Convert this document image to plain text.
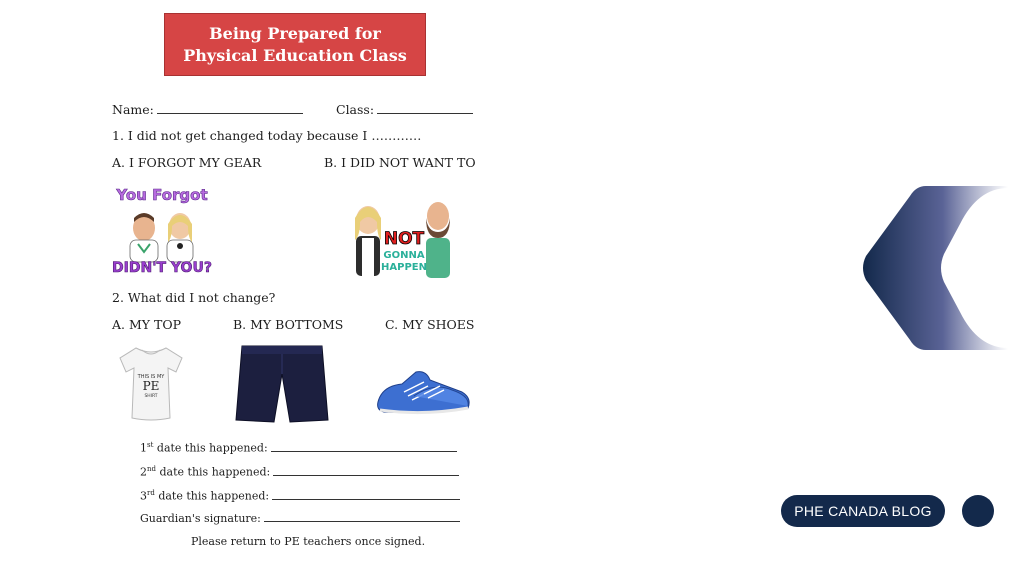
Being Prepared for Physical Education Class
Name:	Class:
1. I did not get changed today because I …………
A. I FORGOT MY GEAR	B. I DID NOT WANT TO
You Forgot
DIDN'T YOU?
NOT
GONNA
HAPPEN
2. What did I not change?
A. MY TOP	B. MY BOTTOMS	C. MY SHOES
THIS IS MY
PE
SHIRT
1st date this happened:
2nd date this happened:
3rd date this happened:
Guardian's signature:
Please return to PE teachers once signed.
PHE CANADA BLOG
